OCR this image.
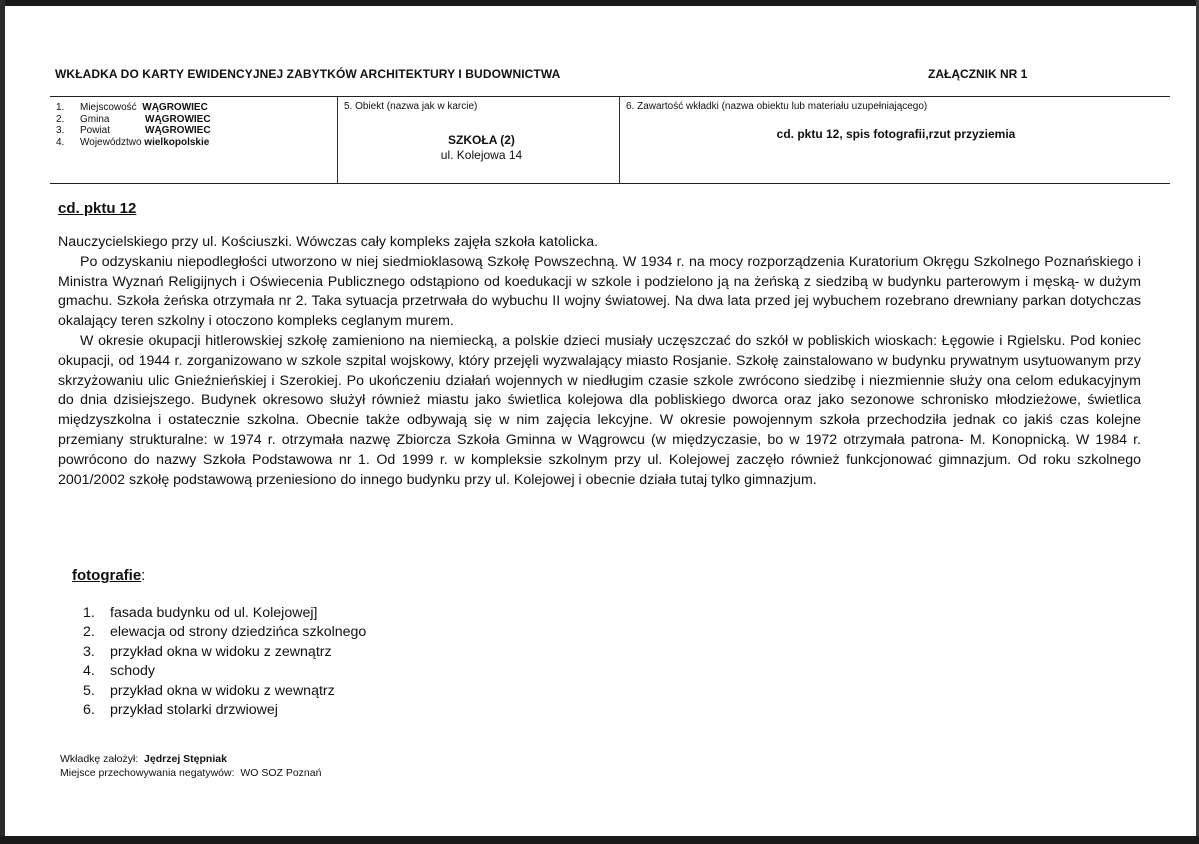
WKŁADKA DO KARTY EWIDENCYJNEJ ZABYTKÓW ARCHITEKTURY I BUDOWNICTWA	ZAŁĄCZNIK NR 1
1. Miejscowość WĄGROWIEC
2. Gmina	WĄGROWIEC
3. Powiat	WĄGROWIEC
4. Województwo wielkopolskie
5. Obiekt (nazwa jak w karcie)
SZKOŁA (2)
ul. Kolejowa 14
6. Zawartość wkładki (nazwa obiektu lub materiału uzupełniającego)
cd. pktu 12, spis fotografii,rzut przyziemia
cd. pktu 12

Nauczycielskiego przy ul. Kościuszki. Wówczas cały kompleks zajęła szkoła katolicka.

Po odzyskaniu niepodległości utworzono w niej siedmioklasową Szkołę Powszechną. W 1934 r. na mocy rozporządzenia Kuratorium Okręgu Szkolnego Poznańskiego i Ministra Wyznań Religijnych i Oświecenia Publicznego odstąpiono od koedukacji w szkole i podzielono ją na żeńską z siedzibą w budynku parterowym i męską- w dużym gmachu. Szkoła żeńska otrzymała nr 2. Taka sytuacja przetrwała do wybuchu II wojny światowej. Na dwa lata przed jej wybuchem rozebrano drewniany parkan dotychczas okalający teren szkolny i otoczono kompleks ceglanym murem.

W okresie okupacji hitlerowskiej szkołę zamieniono na niemiecką, a polskie dzieci musiały uczęszczać do szkół w pobliskich wioskach: Łęgowie i Rgielsku. Pod koniec okupacji, od 1944 r. zorganizowano w szkole szpital wojskowy, który przejęli wyzwalający miasto Rosjanie. Szkołę zainstalowano w budynku prywatnym usytuowanym przy skrzyżowaniu ulic Gnieźnieńskiej i Szerokiej. Po ukończeniu działań wojennych w niedługim czasie szkole zwrócono siedzibę i niezmiennie służy ona celom edukacyjnym do dnia dzisiejszego. Budynek okresowo służył również miastu jako świetlica kolejowa dla pobliskiego dworca oraz jako sezonowe schronisko młodzieżowe, świetlica międzyszkolna i ostatecznie szkolna. Obecnie także odbywają się w nim zajęcia lekcyjne. W okresie powojennym szkoła przechodziła jednak co jakiś czas kolejne przemiany strukturalne: w 1974 r. otrzymała nazwę Zbiorcza Szkoła Gminna w Wągrowcu (w międzyczasie, bo w 1972 otrzymała patrona- M. Konopnicką. W 1984 r. powrócono do nazwy Szkoła Podstawowa nr 1. Od 1999 r. w kompleksie szkolnym przy ul. Kolejowej zaczęło również funkcjonować gimnazjum. Od roku szkolnego 2001/2002 szkołę podstawową przeniesiono do innego budynku przy ul. Kolejowej i obecnie działa tutaj tylko gimnazjum.

fotografie:
1. fasada budynku od ul. Kolejowej]
2. elewacja od strony dziedzińca szkolnego
3. przykład okna w widoku z zewnątrz
4. schody
5. przykład okna w widoku z wewnątrz
6. przykład stolarki drzwiowej
Wkładkę założył: Jędrzej Stępniak
Miejsce przechowywania negatywów: WO SOZ Poznań
